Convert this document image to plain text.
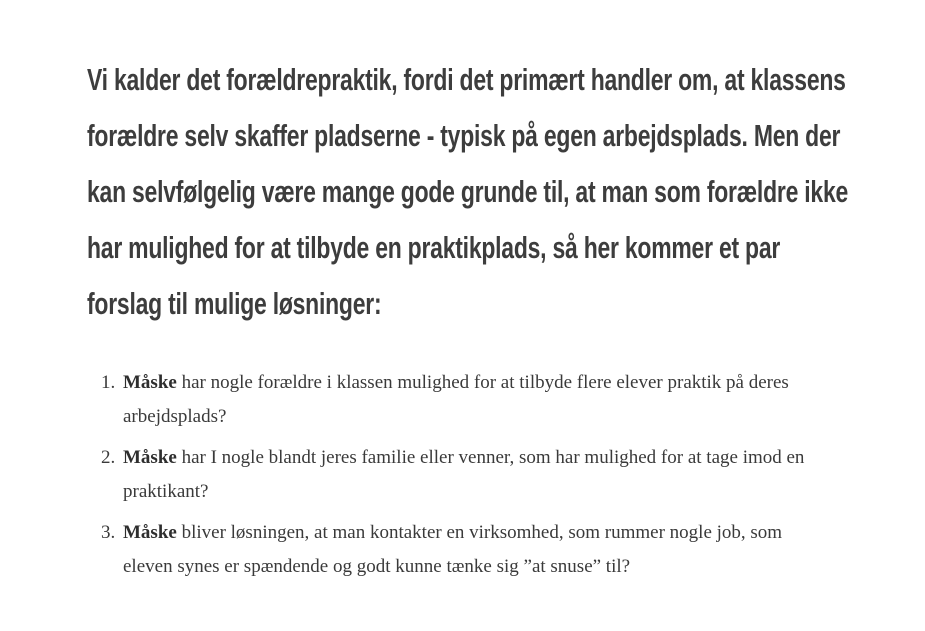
Vi kalder det forældrepraktik, fordi det primært handler om, at klassens forældre selv skaffer pladserne - typisk på egen arbejdsplads. Men der kan selvfølgelig være mange gode grunde til, at man som forældre ikke har mulighed for at tilbyde en praktikplads, så her kommer et par forslag til mulige løsninger:

1. Måske har nogle forældre i klassen mulighed for at tilbyde flere elever praktik på deres arbejdsplads?
2. Måske har I nogle blandt jeres familie eller venner, som har mulighed for at tage imod en praktikant?
3. Måske bliver løsningen, at man kontakter en virksomhed, som rummer nogle job, som eleven synes er spændende og godt kunne tænke sig ”at snuse” til?
